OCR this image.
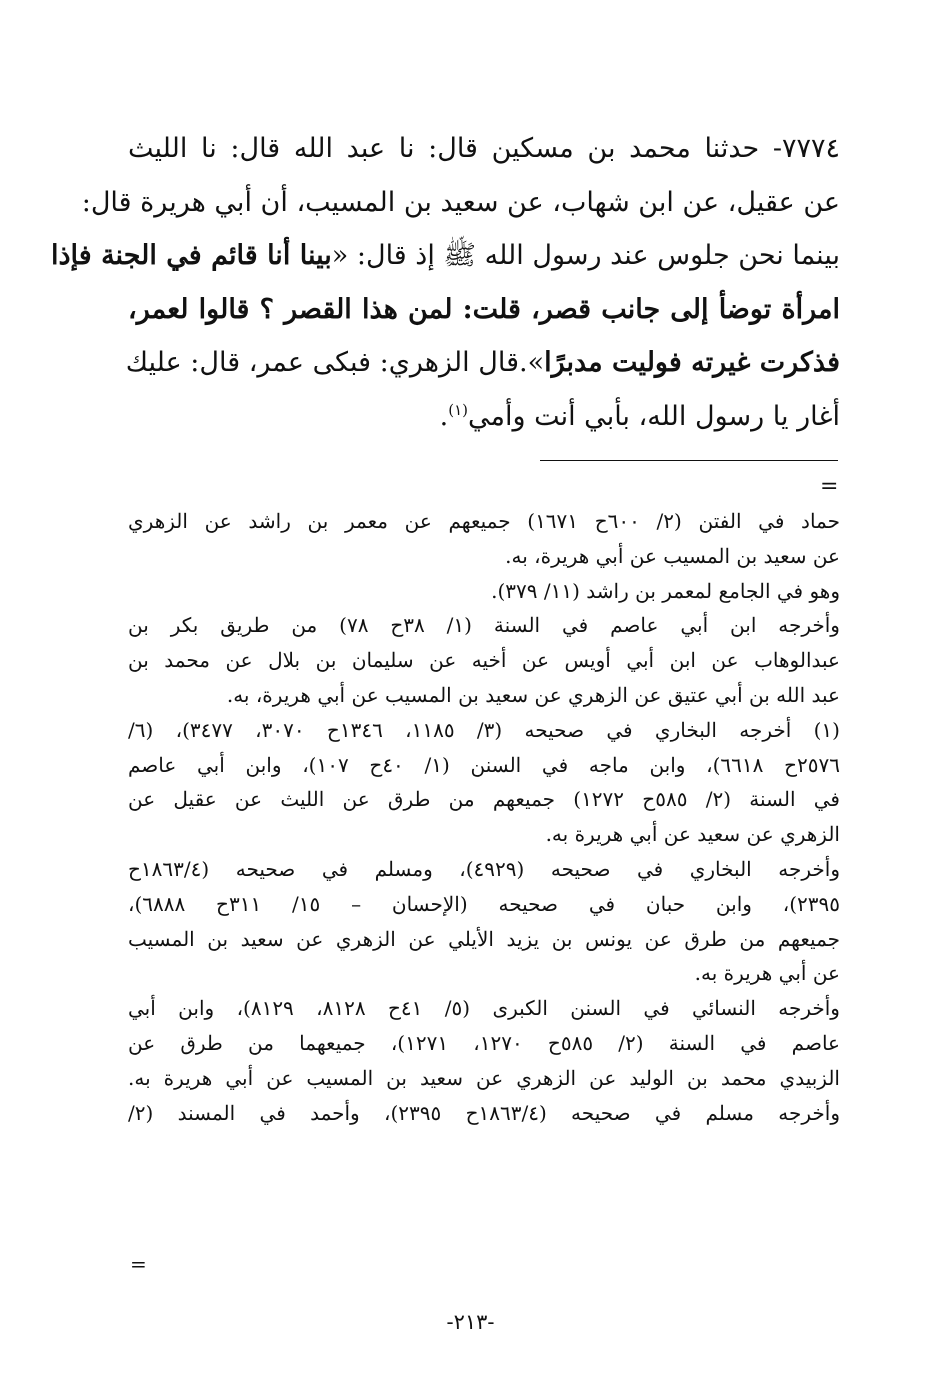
٧٧٧٤- حدثنا محمد بن مسكين قال: نا عبد الله قال: نا الليث
عن عقيل، عن ابن شهاب، عن سعيد بن المسيب، أن أبي هريرة قال:
بينما نحن جلوس عند رسول الله ﷺ إذ قال: «بينا أنا قائم في الجنة فإذا
امرأة توضأ إلى جانب قصر، قلت: لمن هذا القصر ؟ قالوا لعمر،
فذكرت غيرته فوليت مدبرًا».قال الزهري: فبكى عمر، قال: عليك
أغار يا رسول الله، بأبي أنت وأمي$^{(١)}$.
=
حماد في الفتن (٢/ ٦٠٠ح ١٦٧١) جميعهم عن معمر بن راشد عن الزهري
عن سعيد بن المسيب عن أبي هريرة، به.
وهو في الجامع لمعمر بن راشد (١١/ ٣٧٩).
وأخرجه ابن أبي عاصم في السنة (١/ ٣٨ح ٧٨) من طريق بكر بن
عبدالوهاب عن ابن أبي أويس عن أخيه عن سليمان بن بلال عن محمد بن
عبد الله بن أبي عتيق عن الزهري عن سعيد بن المسيب عن أبي هريرة، به.
(١) أخرجه البخاري في صحيحه (٣/ ١١٨٥، ١٣٤٦ح ٣٠٧٠، ٣٤٧٧)، (٦/
٢٥٧٦ح ٦٦١٨)، وابن ماجه في السنن (١/ ٤٠ح ١٠٧)، وابن أبي عاصم
في السنة (٢/ ٥٨٥ح ١٢٧٢) جميعهم من طرق عن الليث عن عقيل عن
الزهري عن سعيد عن أبي هريرة به.
وأخرجه البخاري في صحيحه (٤٩٢٩)، ومسلم في صحيحه (١٨٦٣/٤ح
٢٣٩٥)، وابن حبان في صحيحه (الإحسان – ١٥/ ٣١١ح ٦٨٨٨)،
جميعهم من طرق عن يونس بن يزيد الأيلي عن الزهري عن سعيد بن المسيب
عن أبي هريرة به.
وأخرجه النسائي في السنن الكبرى (٥/ ٤١ح ٨١٢٨، ٨١٢٩)، وابن أبي
عاصم في السنة (٢/ ٥٨٥ح ١٢٧٠، ١٢٧١)، جميعهما من طرق عن
الزبيدي محمد بن الوليد عن الزهري عن سعيد بن المسيب عن أبي هريرة به.
وأخرجه مسلم في صحيحه (١٨٦٣/٤ح ٢٣٩٥)، وأحمد في المسند (٢/
=
-٢١٣-
